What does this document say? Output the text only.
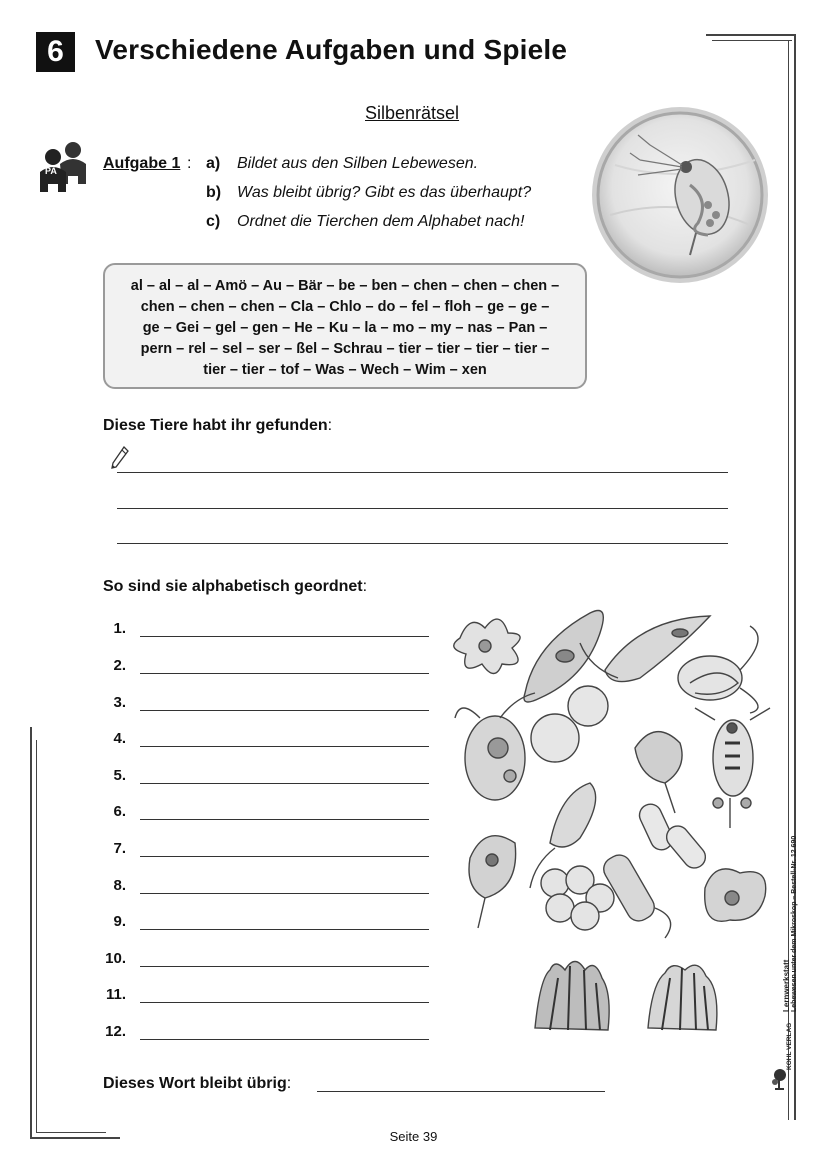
6	Verschiedene Aufgaben und Spiele
Silbenrätsel
PA	Aufgabe 1 : a) Bildet aus den Silben Lebewesen.
b) Was bleibt übrig? Gibt es das überhaupt?
c) Ordnet die Tierchen dem Alphabet nach!
al – al – al – Amö – Au – Bär – be – ben – chen – chen – chen –
chen – chen – chen – Cla – Chlo – do – fel – floh – ge – ge –
ge – Gei – gel – gen – He – Ku – la – mo – my – nas – Pan –
pern – rel – sel – ser – ßel – Schrau – tier – tier – tier – tier –
tier – tier – tof – Was – Wech – Wim – xen
Diese Tiere habt ihr gefunden:
So sind sie alphabetisch geordnet:
1.
2.
3.
4.
5.
6.
7.
8.
9.
10.
11.
12.
Dieses Wort bleibt übrig:
Lernwerkstatt Lebewesen unter dem Mikroskop – Bestell-Nr. 12 690
KOHL VERLAG
Seite 39
